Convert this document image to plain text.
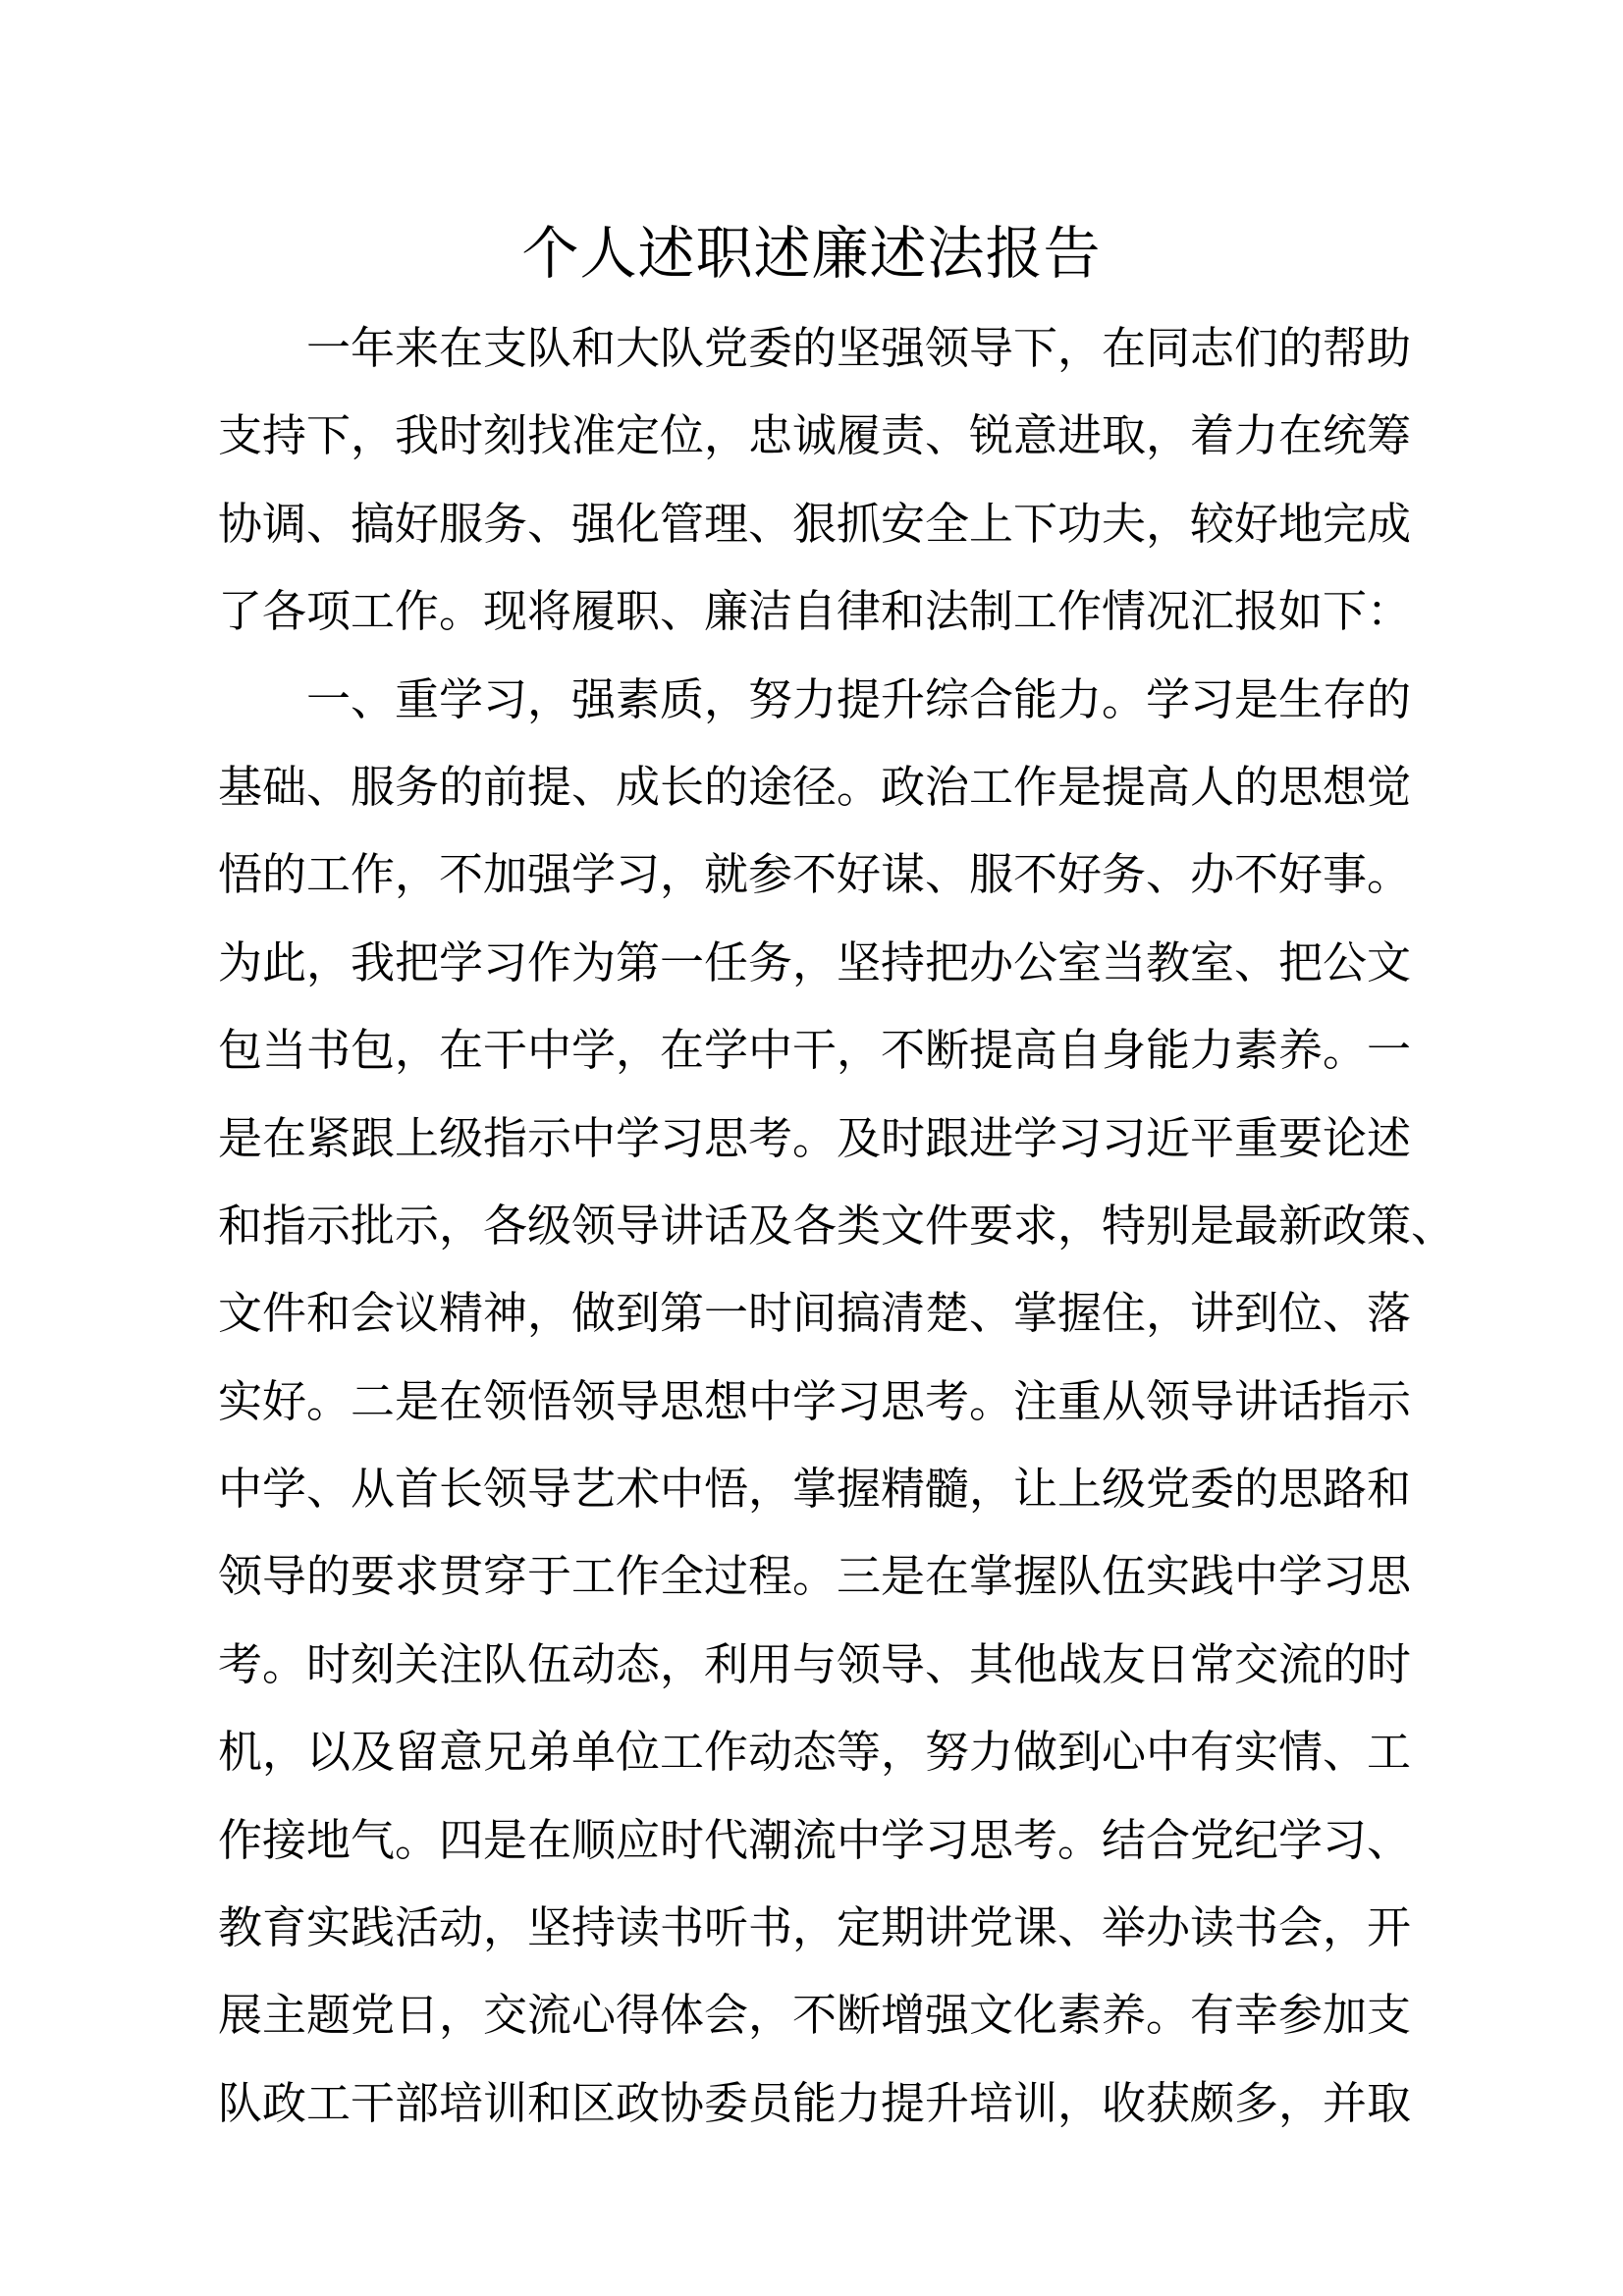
个人述职述廉述法报告
　　一年来在支队和大队党委的坚强领导下，在同志们的帮助
支持下，我时刻找准定位，忠诚履责、锐意进取，着力在统筹
协调、搞好服务、强化管理、狠抓安全上下功夫，较好地完成
了各项工作。现将履职、廉洁自律和法制工作情况汇报如下：
　　一、重学习，强素质，努力提升综合能力。学习是生存的
基础、服务的前提、成长的途径。政治工作是提高人的思想觉
悟的工作，不加强学习，就参不好谋、服不好务、办不好事。
为此，我把学习作为第一任务，坚持把办公室当教室、把公文
包当书包，在干中学，在学中干，不断提高自身能力素养。一
是在紧跟上级指示中学习思考。及时跟进学习习近平重要论述
和指示批示，各级领导讲话及各类文件要求，特别是最新政策、
文件和会议精神，做到第一时间搞清楚、掌握住，讲到位、落
实好。二是在领悟领导思想中学习思考。注重从领导讲话指示
中学、从首长领导艺术中悟，掌握精髓，让上级党委的思路和
领导的要求贯穿于工作全过程。三是在掌握队伍实践中学习思
考。时刻关注队伍动态，利用与领导、其他战友日常交流的时
机，以及留意兄弟单位工作动态等，努力做到心中有实情、工
作接地气。四是在顺应时代潮流中学习思考。结合党纪学习、
教育实践活动，坚持读书听书，定期讲党课、举办读书会，开
展主题党日，交流心得体会，不断增强文化素养。有幸参加支
队政工干部培训和区政协委员能力提升培训，收获颇多，并取
